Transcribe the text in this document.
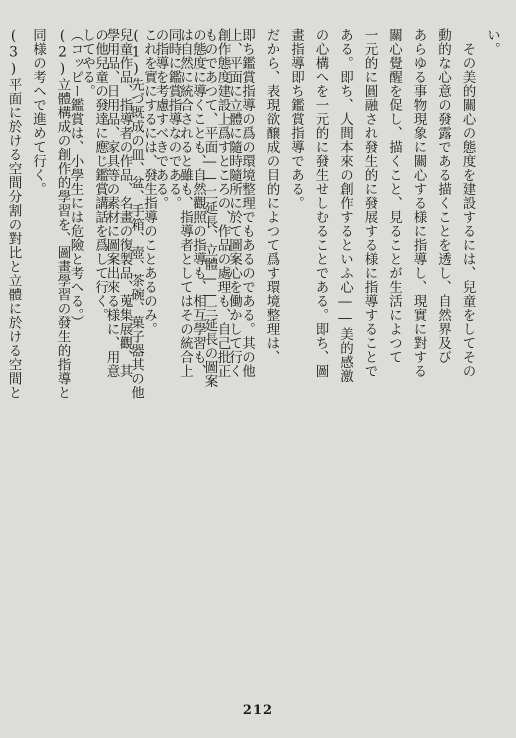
い。
　その美的關心の態度を建設するには、兒童をしてその
動的な心意の發露である描くことを透し、自然界及び
あらゆる事物現象に關心する様に指導し、現實に對する
關心覺醒を促し、描くこと、見ることが生活によつて
一元的に圓融され發生的に發展する様に指導することで
ある。即ち、人間本來の創作するといふ心――美的感激
の心構へを一元的に發生せしむることである。即ち、圖
畫指導即ち鑑賞指導である。
だから、表現欲醸成の目的によつて爲す環境整理は、
即ち鑑賞指導の爲の環境整理でもあるのである。其の他
創作態度建設上爲すところの、作品の處理も、自己批正
の態度に導くことも、自然觀照の指導も、相互學習も、
同時に鑑賞指導なのである。
これを實にするには、發生指導のことあるのみ。
兒童作品、指導者の作品、名畫の復製品、蒐集展觀、其
の他兒童の發達に應じ鑑賞講話を爲して行く。
（コッピー鑑賞は、小學生には危險と考へる。）	上、平面に立體に隨時隨所に於て圖案心を働かして行く
ものであつて、平面――二延長、立體――三延長の圖案
は自然に統合されると雖も、指導者としてはその統合上
の指導を考慮すべきである。
(1)先づ既成の皿、盆、手箱、壺、茶碗、菓子器其の他
學用品、日用品、家具等の素材に圖案出來る様に、用意
してやる。
(2)立體構成の創作的學習を、圖畫學習の發生的指導と
同様の考へで進めて行く。
(3)平面に於ける空間分割の對比と立體に於ける空間と
212
